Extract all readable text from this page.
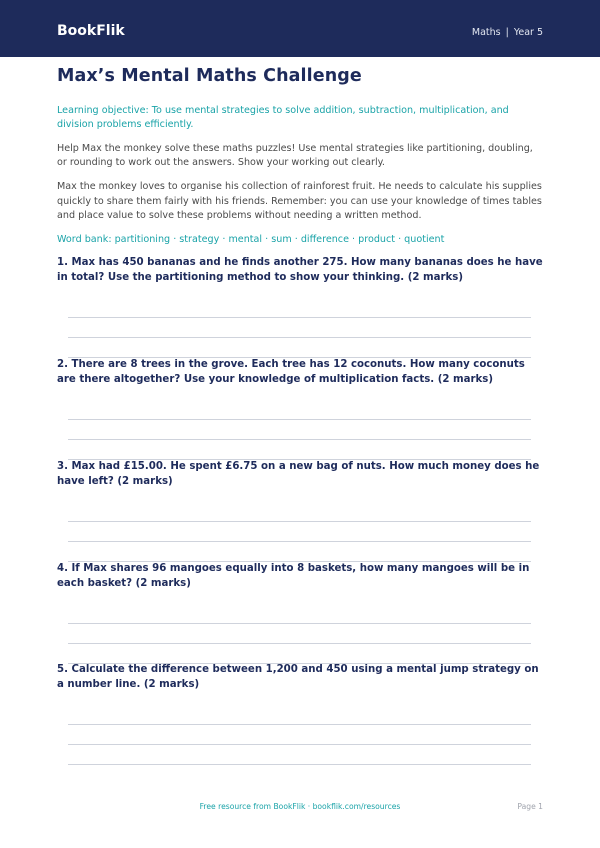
BookFlik	Maths | Year 5
Max’s Mental Maths Challenge
Learning objective: To use mental strategies to solve addition, subtraction, multiplication, and division problems efficiently.
Help Max the monkey solve these maths puzzles! Use mental strategies like partitioning, doubling, or rounding to work out the answers. Show your working out clearly.
Max the monkey loves to organise his collection of rainforest fruit. He needs to calculate his supplies quickly to share them fairly with his friends. Remember: you can use your knowledge of times tables and place value to solve these problems without needing a written method.
Word bank: partitioning · strategy · mental · sum · difference · product · quotient
1. Max has 450 bananas and he finds another 275. How many bananas does he have in total? Use the partitioning method to show your thinking. (2 marks)
2. There are 8 trees in the grove. Each tree has 12 coconuts. How many coconuts are there altogether? Use your knowledge of multiplication facts. (2 marks)
3. Max had £15.00. He spent £6.75 on a new bag of nuts. How much money does he have left? (2 marks)
4. If Max shares 96 mangoes equally into 8 baskets, how many mangoes will be in each basket? (2 marks)
5. Calculate the difference between 1,200 and 450 using a mental jump strategy on a number line. (2 marks)
Free resource from BookFlik · bookflik.com/resources	Page 1
